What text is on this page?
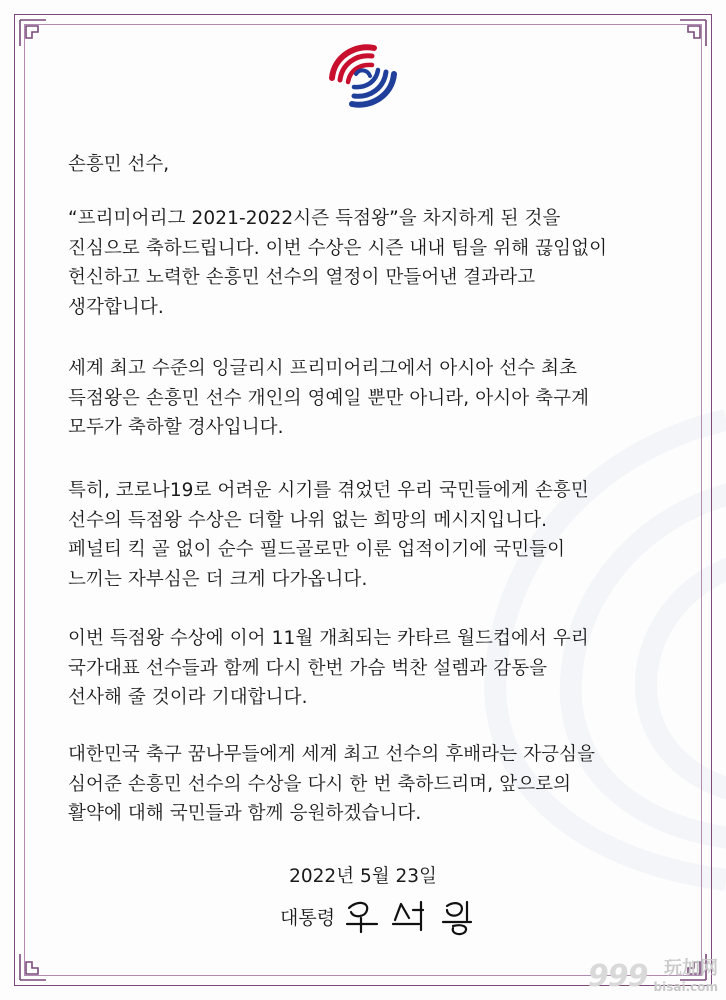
손흥민 선수,
“프리미어리그 2021-2022시즌 득점왕”을 차지하게 된 것을
진심으로 축하드립니다. 이번 수상은 시즌 내내 팀을 위해 끊임없이
헌신하고 노력한 손흥민 선수의 열정이 만들어낸 결과라고
생각합니다.
세계 최고 수준의 잉글리시 프리미어리그에서 아시아 선수 최초
득점왕은 손흥민 선수 개인의 영예일 뿐만 아니라, 아시아 축구계
모두가 축하할 경사입니다.
특히, 코로나19로 어려운 시기를 겪었던 우리 국민들에게 손흥민
선수의 득점왕 수상은 더할 나위 없는 희망의 메시지입니다.
페널티 킥 골 없이 순수 필드골로만 이룬 업적이기에 국민들이
느끼는 자부심은 더 크게 다가옵니다.
이번 득점왕 수상에 이어 11월 개최되는 카타르 월드컵에서 우리
국가대표 선수들과 함께 다시 한번 가슴 벅찬 설렘과 감동을
선사해 줄 것이라 기대합니다.
대한민국 축구 꿈나무들에게 세계 최고 선수의 후배라는 자긍심을
심어준 손흥민 선수의 수상을 다시 한 번 축하드리며, 앞으로의
활약에 대해 국민들과 함께 응원하겠습니다.
2022년 5월 23일
대통령
999 玩加网
bisai.com
